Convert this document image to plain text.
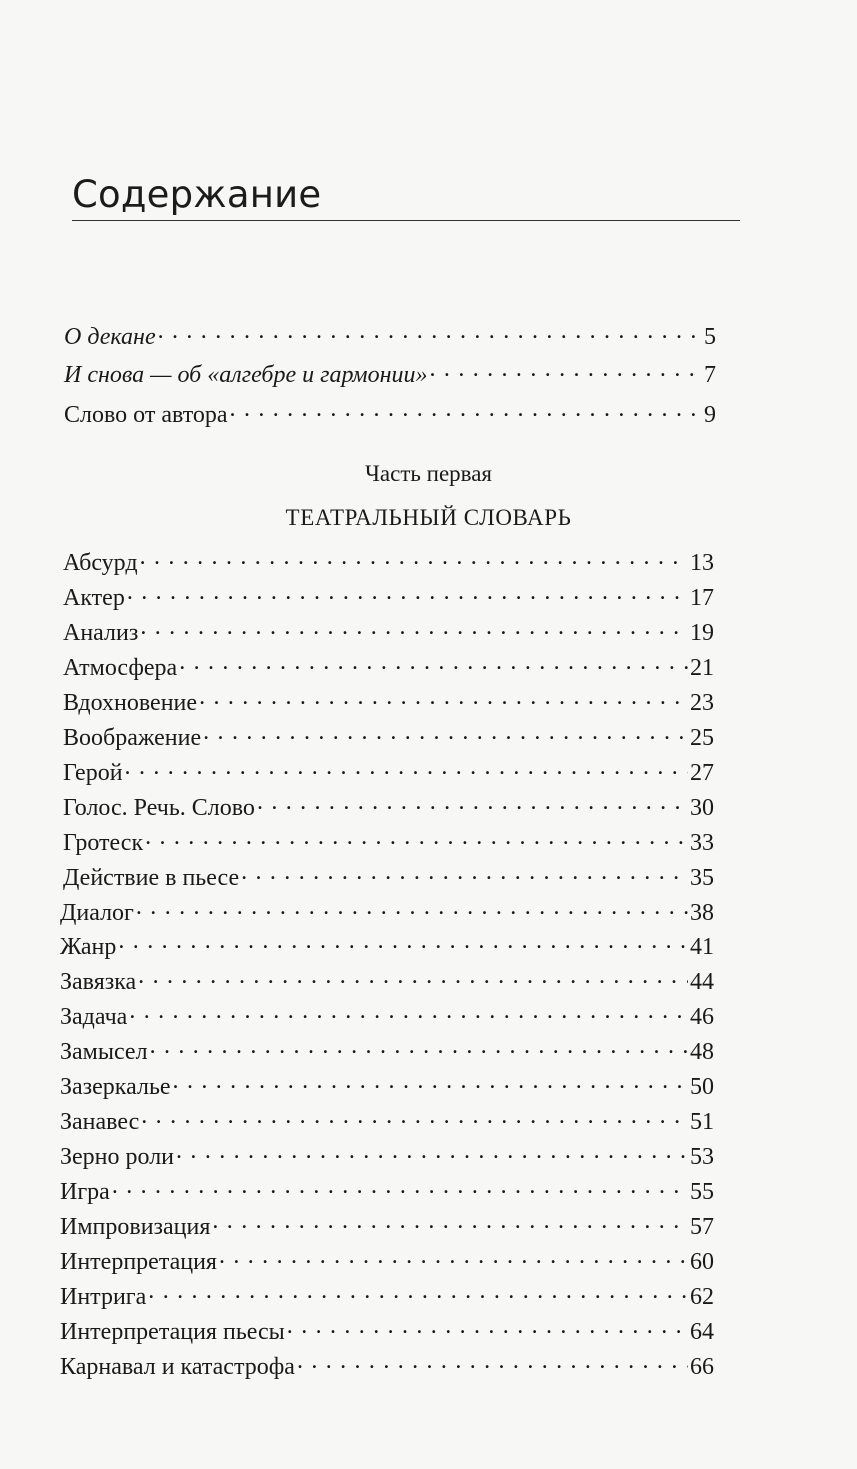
Содержание
О декане . . .	5
И снова — об «алгебре и гармонии» . . .	7
Слово от автора . . .	9
Часть первая
ТЕАТРАЛЬНЫЙ СЛОВАРЬ
Абсурд . . .	13
Актер . . .	17
Анализ . . .	19
Атмосфера . . .	21
Вдохновение . . .	23
Воображение . . .	25
Герой . . .	27
Голос. Речь. Слово . . .	30
Гротеск . . .	33
Действие в пьесе . . .	35
Диалог . . .	38
Жанр . . .	41
Завязка . . .	44
Задача . . .	46
Замысел . . .	48
Зазеркалье . . .	50
Занавес . . .	51
Зерно роли . . .	53
Игра . . .	55
Импровизация . . .	57
Интерпретация . . .	60
Интрига . . .	62
Интерпретация пьесы . . .	64
Карнавал и катастрофа . . .	66
